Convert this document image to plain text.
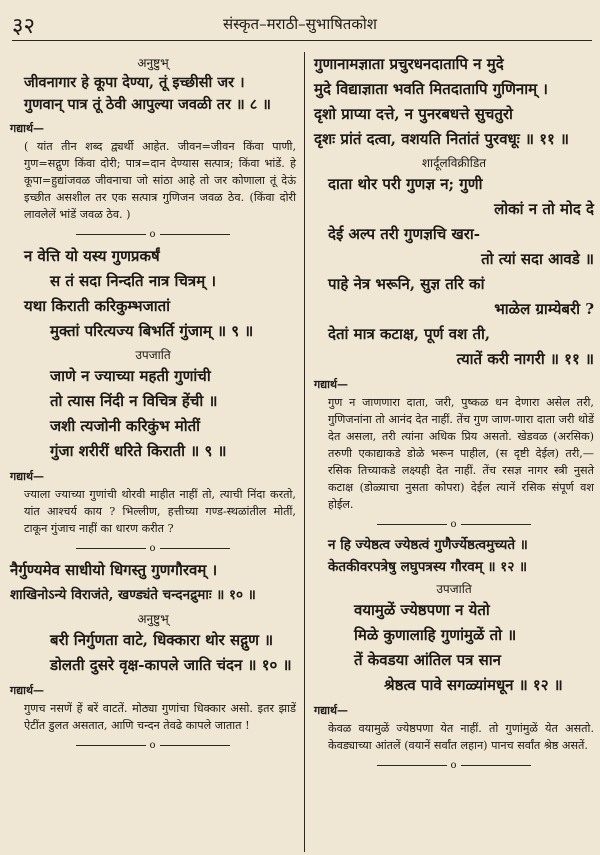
३२	संस्कृत–मराठी–सुभाषितकोश
अनुष्टुभ्
जीवनागार हे कूपा देण्या, तूं इच्छीसी जर ।
गुणवान् पात्र तूं ठेवी आपुल्या जवळी तर ॥ ८ ॥
गद्यार्थ—
( यांत तीन शब्द द्व्यर्थी आहेत. जीवन=जीवन किंवा पाणी, गुण=सद्गुण किंवा दोरी; पात्र=दान देण्यास सत्पात्र; किंवा भांडें. हे कूपा=हुद्यांजवळ जीवनाचा जो सांठा आहे तो जर कोणाला तूं देऊं इच्छीत असशील तर एक सत्पात्र गुणिजन जवळ ठेव. (किंवा दोरी लावलेलें भांडें जवळ ठेव. )
o
न वेत्ति यो यस्य गुणप्रकर्षं
स तं सदा निन्दति नात्र चित्रम् ।
यथा किराती करिकुम्भजातां
मुक्तां परित्यज्य बिभर्ति गुंजाम् ॥ ९ ॥
उपजाति
जाणे न ज्याच्या महती गुणांची
तो त्यास निंदी न विचित्र हेंची ॥
जशी त्यजोनी करिकुंभ मोतीं
गुंजा शरीरीं धरिते किराती ॥ ९ ॥
गद्यार्थ—
ज्याला ज्याच्या गुणांची थोरवी माहीत नाहीं तो, त्याची निंदा करतो, यांत आश्चर्य काय ? भिल्लीण, हत्तीच्या गण्ड-स्थळांतील मोतीं, टाकून गुंजाच नाहीं का धारण करीत ?
o
नैर्गुण्यमेव साधीयो धिगस्तु गुणगौरवम् ।
शाखिनोऽन्ये विराजंते, खण्ड्यंते चन्दनद्रुमाः ॥ १० ॥
अनुष्टुभ्
बरी निर्गुणता वाटे, धिक्कारा थोर सद्गुण ॥
डोलती दुसरे वृक्ष-कापले जाति चंदन ॥ १० ॥
गद्यार्थ—
गुणच नसणें हें बरें वाटतें. मोठ्या गुणांचा धिक्कार असो. इतर झाडें ऐटींत डुलत असतात, आणि चन्दन तेवढे कापले जातात !
o
गुणानामज्ञाता प्रचुरधनदातापि न मुदे
मुदे विद्याज्ञाता भवति मितदातापि गुणिनाम् ।
दृशो प्राप्या दत्ते, न पुनरबधत्ते सुचतुरो
दृशः प्रांतं दत्वा, वशयति नितांतं पुरवधूः ॥ ११ ॥
शार्दूलविक्रीडित
दाता थोर परी गुणज्ञ न; गुणी
लोकां न तो मोद दे
देई अल्प तरी गुणज्ञचि खरा-
तो त्यां सदा आवडे ॥
पाहे नेत्र भरूनि, सुज्ञ तरि कां
भाळेल ग्राम्येबरी ?
देतां मात्र कटाक्ष, पूर्ण वश ती,
त्यातें करी नागरी ॥ ११ ॥
गद्यार्थ—
गुण न जाणणारा दाता, जरी, पुष्कळ धन देणारा असेल तरी, गुणिजनांना तो आनंद देत नाहीं. तेंच गुण जाण-णारा दाता जरी थोडें देत असला, तरी त्यांना अधिक प्रिय असतो. खेडवळ (अरसिक) तरुणी एकाद्याकडे डोळे भरून पाहील, (स दृष्टी देईल) तरी,—रसिक तिच्याकडे लक्ष्यही देत नाहीं. तेंच रसज्ञ नागर स्त्री नुसते कटाक्ष (डोळ्याचा नुसता कोपरा) देईल त्यानें रसिक संपूर्ण वश होईल.
o
न हि ज्येष्ठत्व ज्येष्ठत्वं गुणैर्ज्येष्ठत्वमुच्यते ॥
केतकीवरपत्रेषु लघुपत्रस्य गौरवम् ॥ १२ ॥
उपजाति
वयामुळें ज्येष्ठपणा न येतो
मिळे कुणालाहि गुणांमुळें तो ॥
तें केवडया आंतिल पत्र सान
श्रेष्ठत्व पावे सगळ्यांमधून ॥ १२ ॥
गद्यार्थ—
केवळ वयामुळें ज्येष्ठपणा येत नाहीं. तो गुणांमुळें येत असतो. केवड्याच्या आंतलें (वयानें सर्वांत लहान) पानच सर्वांत श्रेष्ठ असतें.
o
